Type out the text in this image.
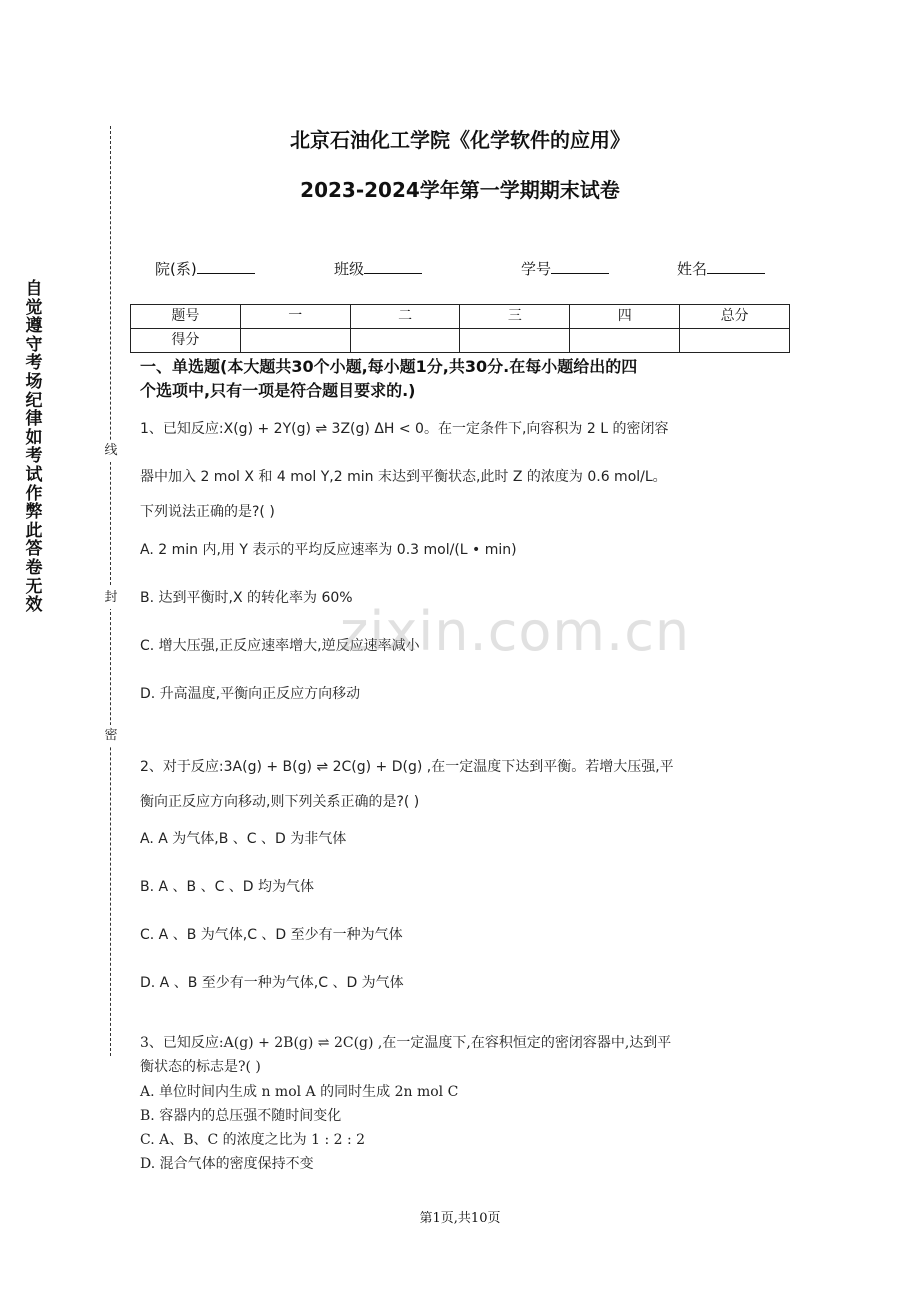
自觉遵守考场纪律如考试作弊此答卷无效
线
封
密
北京石油化工学院《化学软件的应用》
2023-2024学年第一学期期末试卷
院(系)	班级	学号	姓名
题号	一	二	三	四	总分
得分					
一、单选题(本大题共30个小题,每小题1分,共30分.在每小题给出的四
个选项中,只有一项是符合题目要求的.)
1、已知反应:X(g) + 2Y(g) ⇌ 3Z(g) ΔH < 0。在一定条件下,向容积为 2 L 的密闭容
器中加入 2 mol X 和 4 mol Y,2 min 末达到平衡状态,此时 Z 的浓度为 0.6 mol/L。
下列说法正确的是?( )
A. 2 min 内,用 Y 表示的平均反应速率为 0.3 mol/(L • min)
B. 达到平衡时,X 的转化率为 60%
C. 增大压强,正反应速率增大,逆反应速率减小
D. 升高温度,平衡向正反应方向移动
zixin.com.cn
2、对于反应:3A(g) + B(g) ⇌ 2C(g) + D(g) ,在一定温度下达到平衡。若增大压强,平
衡向正反应方向移动,则下列关系正确的是?( )
A. A 为气体,B 、C 、D 为非气体
B. A 、B 、C 、D 均为气体
C. A 、B 为气体,C 、D 至少有一种为气体
D. A 、B 至少有一种为气体,C 、D 为气体
3、已知反应:A(g) + 2B(g) ⇌ 2C(g) ,在一定温度下,在容积恒定的密闭容器中,达到平
衡状态的标志是?( )
A. 单位时间内生成 n mol A 的同时生成 2n mol C
B. 容器内的总压强不随时间变化
C. A、B、C 的浓度之比为 1 : 2 : 2
D. 混合气体的密度保持不变
第1页,共10页
